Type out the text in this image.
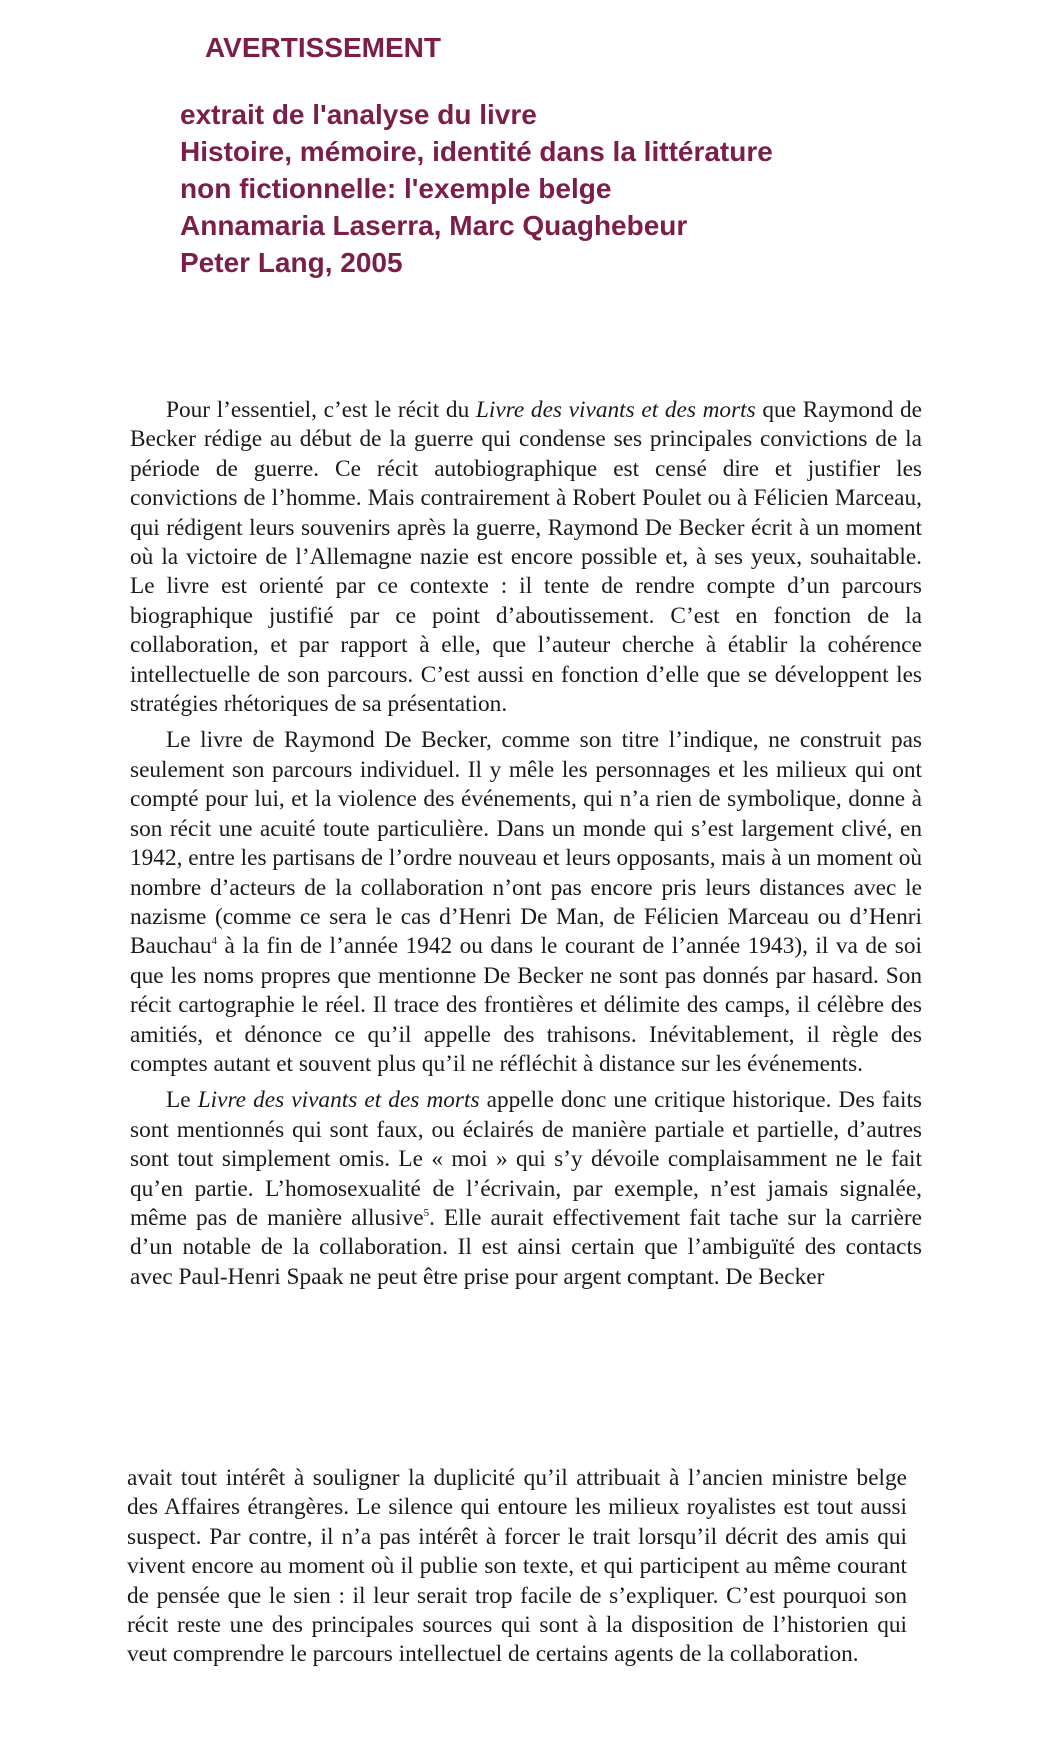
AVERTISSEMENT
extrait de l'analyse du livre
Histoire, mémoire, identité dans la littérature
non fictionnelle: l'exemple belge
Annamaria Laserra, Marc Quaghebeur
Peter Lang, 2005

Pour l’essentiel, c’est le récit du Livre des vivants et des morts que Raymond de Becker rédige au début de la guerre qui condense ses principales convictions de la période de guerre. Ce récit autobiographique est censé dire et justifier les convictions de l’homme. Mais contrairement à Robert Poulet ou à Félicien Marceau, qui rédigent leurs souvenirs après la guerre, Raymond De Becker écrit à un moment où la victoire de l’Allemagne nazie est encore possible et, à ses yeux, souhaitable. Le livre est orienté par ce contexte : il tente de rendre compte d’un parcours biographique justifié par ce point d’aboutissement. C’est en fonction de la collaboration, et par rapport à elle, que l’auteur cherche à établir la cohérence intellectuelle de son parcours. C’est aussi en fonction d’elle que se développent les stratégies rhétoriques de sa présentation.

Le livre de Raymond De Becker, comme son titre l’indique, ne construit pas seulement son parcours individuel. Il y mêle les personnages et les milieux qui ont compté pour lui, et la violence des événements, qui n’a rien de symbolique, donne à son récit une acuité toute particulière. Dans un monde qui s’est largement clivé, en 1942, entre les partisans de l’ordre nouveau et leurs opposants, mais à un moment où nombre d’acteurs de la collaboration n’ont pas encore pris leurs distances avec le nazisme (comme ce sera le cas d’Henri De Man, de Félicien Marceau ou d’Henri Bauchau$^4$ à la fin de l’année 1942 ou dans le courant de l’année 1943), il va de soi que les noms propres que mentionne De Becker ne sont pas donnés par hasard. Son récit cartographie le réel. Il trace des frontières et délimite des camps, il célèbre des amitiés, et dénonce ce qu’il appelle des trahisons. Inévitablement, il règle des comptes autant et souvent plus qu’il ne réfléchit à distance sur les événements.

Le Livre des vivants et des morts appelle donc une critique historique. Des faits sont mentionnés qui sont faux, ou éclairés de manière partiale et partielle, d’autres sont tout simplement omis. Le « moi » qui s’y dévoile complaisamment ne le fait qu’en partie. L’homosexualité de l’écrivain, par exemple, n’est jamais signalée, même pas de manière allusive$^5$. Elle aurait effectivement fait tache sur la carrière d’un notable de la collaboration. Il est ainsi certain que l’ambiguïté des contacts avec Paul-Henri Spaak ne peut être prise pour argent comptant. De Becker

avait tout intérêt à souligner la duplicité qu’il attribuait à l’ancien ministre belge des Affaires étrangères. Le silence qui entoure les milieux royalistes est tout aussi suspect. Par contre, il n’a pas intérêt à forcer le trait lorsqu’il décrit des amis qui vivent encore au moment où il publie son texte, et qui participent au même courant de pensée que le sien : il leur serait trop facile de s’expliquer. C’est pourquoi son récit reste une des principales sources qui sont à la disposition de l’historien qui veut comprendre le parcours intellectuel de certains agents de la collaboration.
